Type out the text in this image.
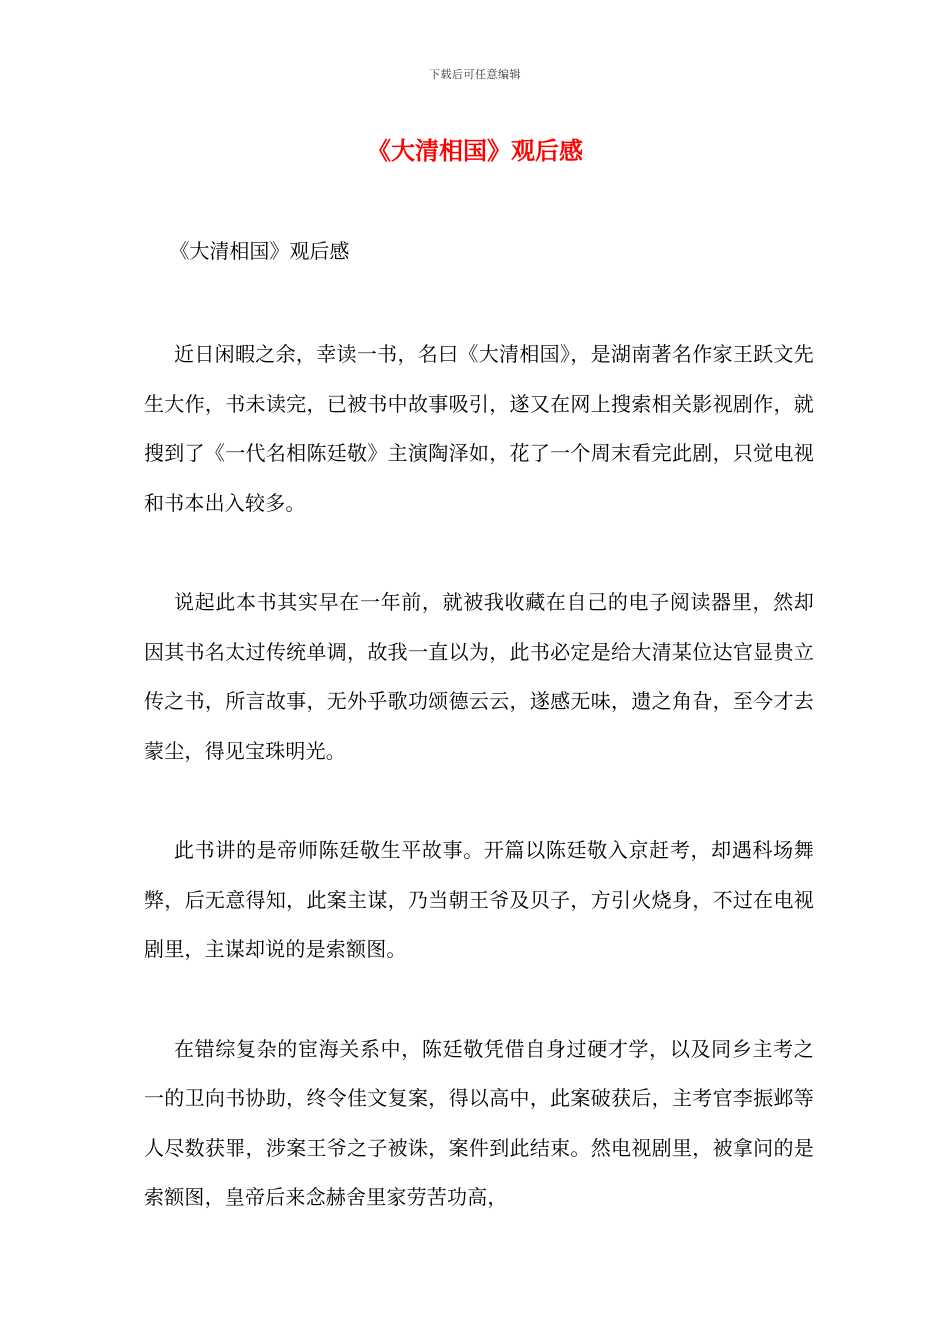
下载后可任意编辑
《大清相国》观后感
《大清相国》观后感

近日闲暇之余，幸读一书，名曰《大清相国》，是湖南著名作家王跃文先生大作，书未读完，已被书中故事吸引，遂又在网上搜索相关影视剧作，就搜到了《一代名相陈廷敬》主演陶泽如，花了一个周末看完此剧，只觉电视和书本出入较多。

说起此本书其实早在一年前，就被我收藏在自己的电子阅读器里，然却因其书名太过传统单调，故我一直以为，此书必定是给大清某位达官显贵立传之书，所言故事，无外乎歌功颂德云云，遂感无味，遗之角旮，至今才去蒙尘，得见宝珠明光。

此书讲的是帝师陈廷敬生平故事。开篇以陈廷敬入京赶考，却遇科场舞弊，后无意得知，此案主谋，乃当朝王爷及贝子，方引火烧身，不过在电视剧里，主谋却说的是索额图。

在错综复杂的宦海关系中，陈廷敬凭借自身过硬才学，以及同乡主考之一的卫向书协助，终令佳文复案，得以高中，此案破获后，主考官李振邺等人尽数获罪，涉案王爷之子被诛，案件到此结束。然电视剧里，被拿问的是索额图，皇帝后来念赫舍里家劳苦功高，
